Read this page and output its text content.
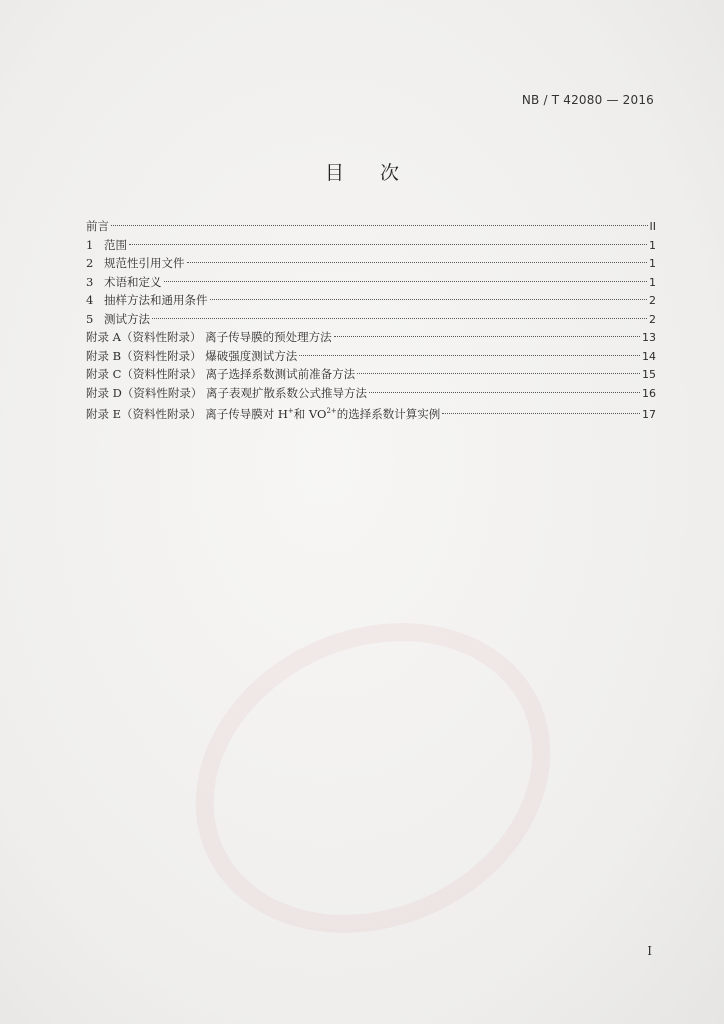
NB / T 42080 — 2016
目次
前言	II
1 范围	1
2 规范性引用文件	1
3 术语和定义	1
4 抽样方法和通用条件	2
5 测试方法	2
附录 A（资料性附录） 离子传导膜的预处理方法	13
附录 B（资料性附录） 爆破强度测试方法	14
附录 C（资料性附录） 离子选择系数测试前准备方法	15
附录 D（资料性附录） 离子表观扩散系数公式推导方法	16
附录 E（资料性附录） 离子传导膜对 H+和 $VO^{2+}$的选择系数计算实例	17
I
